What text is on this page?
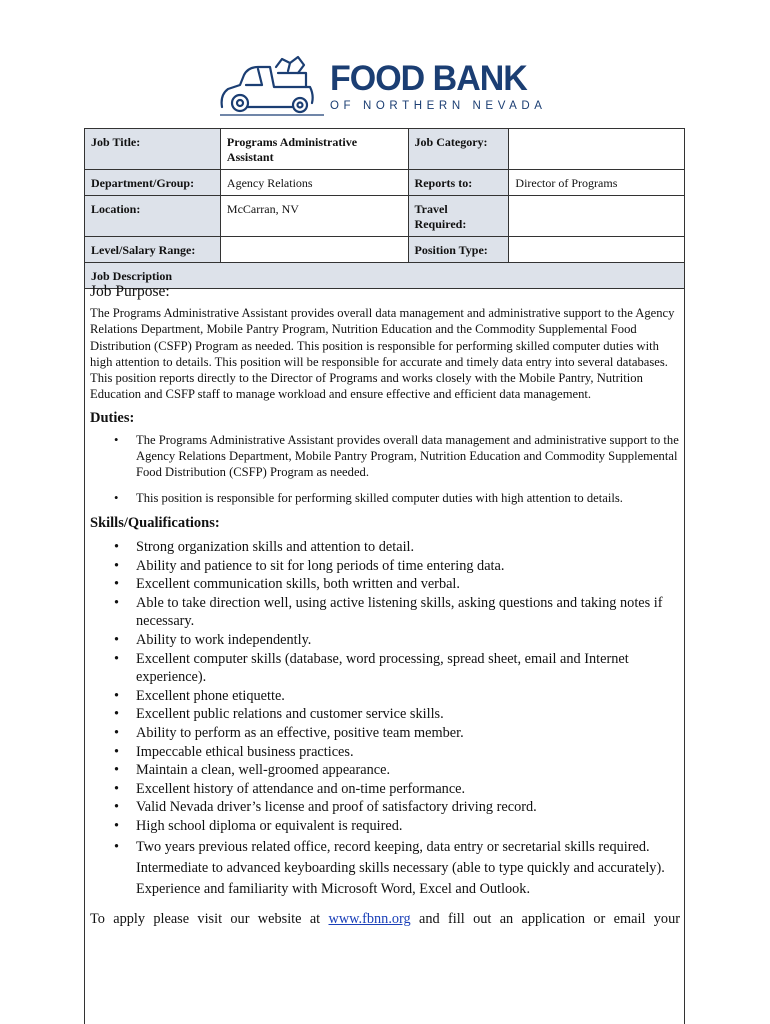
FOOD BANK
OF NORTHERN NEVADA
Job Title:	Programs Administrative Assistant	Job Category:	
Department/Group:	Agency Relations	Reports to:	Director of Programs
Location:	McCarran, NV	Travel Required:	
Level/Salary Range:		Position Type:	
Job Description			

Job Purpose:

The Programs Administrative Assistant provides overall data management and administrative support to the Agency Relations Department, Mobile Pantry Program, Nutrition Education and the Commodity Supplemental Food Distribution (CSFP) Program as needed. This position is responsible for performing skilled computer duties with high attention to details. This position will be responsible for accurate and timely data entry into several databases. This position reports directly to the Director of Programs and works closely with the Mobile Pantry, Nutrition Education and CSFP staff to manage workload and ensure effective and efficient data management.

Duties:

• The Programs Administrative Assistant provides overall data management and administrative support to the Agency Relations Department, Mobile Pantry Program, Nutrition Education and Commodity Supplemental Food Distribution (CSFP) Program as needed.
• This position is responsible for performing skilled computer duties with high attention to details.

Skills/Qualifications:

• Strong organization skills and attention to detail.
• Ability and patience to sit for long periods of time entering data.
• Excellent communication skills, both written and verbal.
• Able to take direction well, using active listening skills, asking questions and taking notes if necessary.
• Ability to work independently.
• Excellent computer skills (database, word processing, spread sheet, email and Internet experience).
• Excellent phone etiquette.
• Excellent public relations and customer service skills.
• Ability to perform as an effective, positive team member.
• Impeccable ethical business practices.
• Maintain a clean, well-groomed appearance.
• Excellent history of attendance and on-time performance.
• Valid Nevada driver’s license and proof of satisfactory driving record.
• High school diploma or equivalent is required.
• Two years previous related office, record keeping, data entry or secretarial skills required. Intermediate to advanced keyboarding skills necessary (able to type quickly and accurately). Experience and familiarity with Microsoft Word, Excel and Outlook.

To apply please visit our website at www.fbnn.org and fill out an application or email your
